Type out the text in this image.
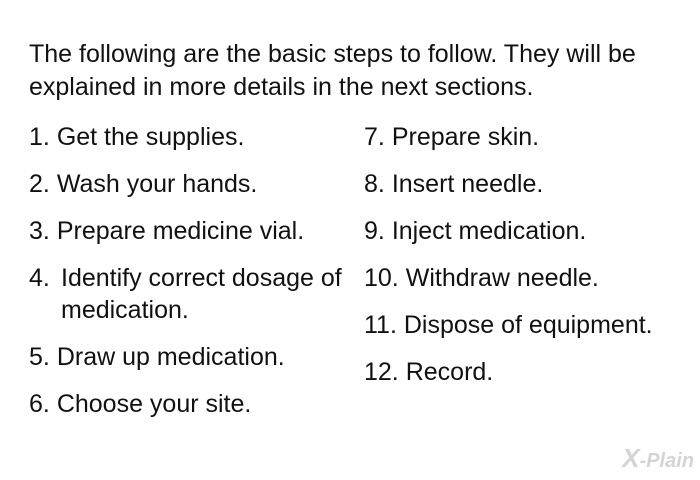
The following are the basic steps to follow. They will be explained in more details in the next sections.

1. Get the supplies.
2. Wash your hands.
3. Prepare medicine vial.
4. Identify correct dosage of medication.
5. Draw up medication.
6. Choose your site.
7. Prepare skin.
8. Insert needle.
9. Inject medication.
10. Withdraw needle.
11. Dispose of equipment.
12. Record.
X-Plain
